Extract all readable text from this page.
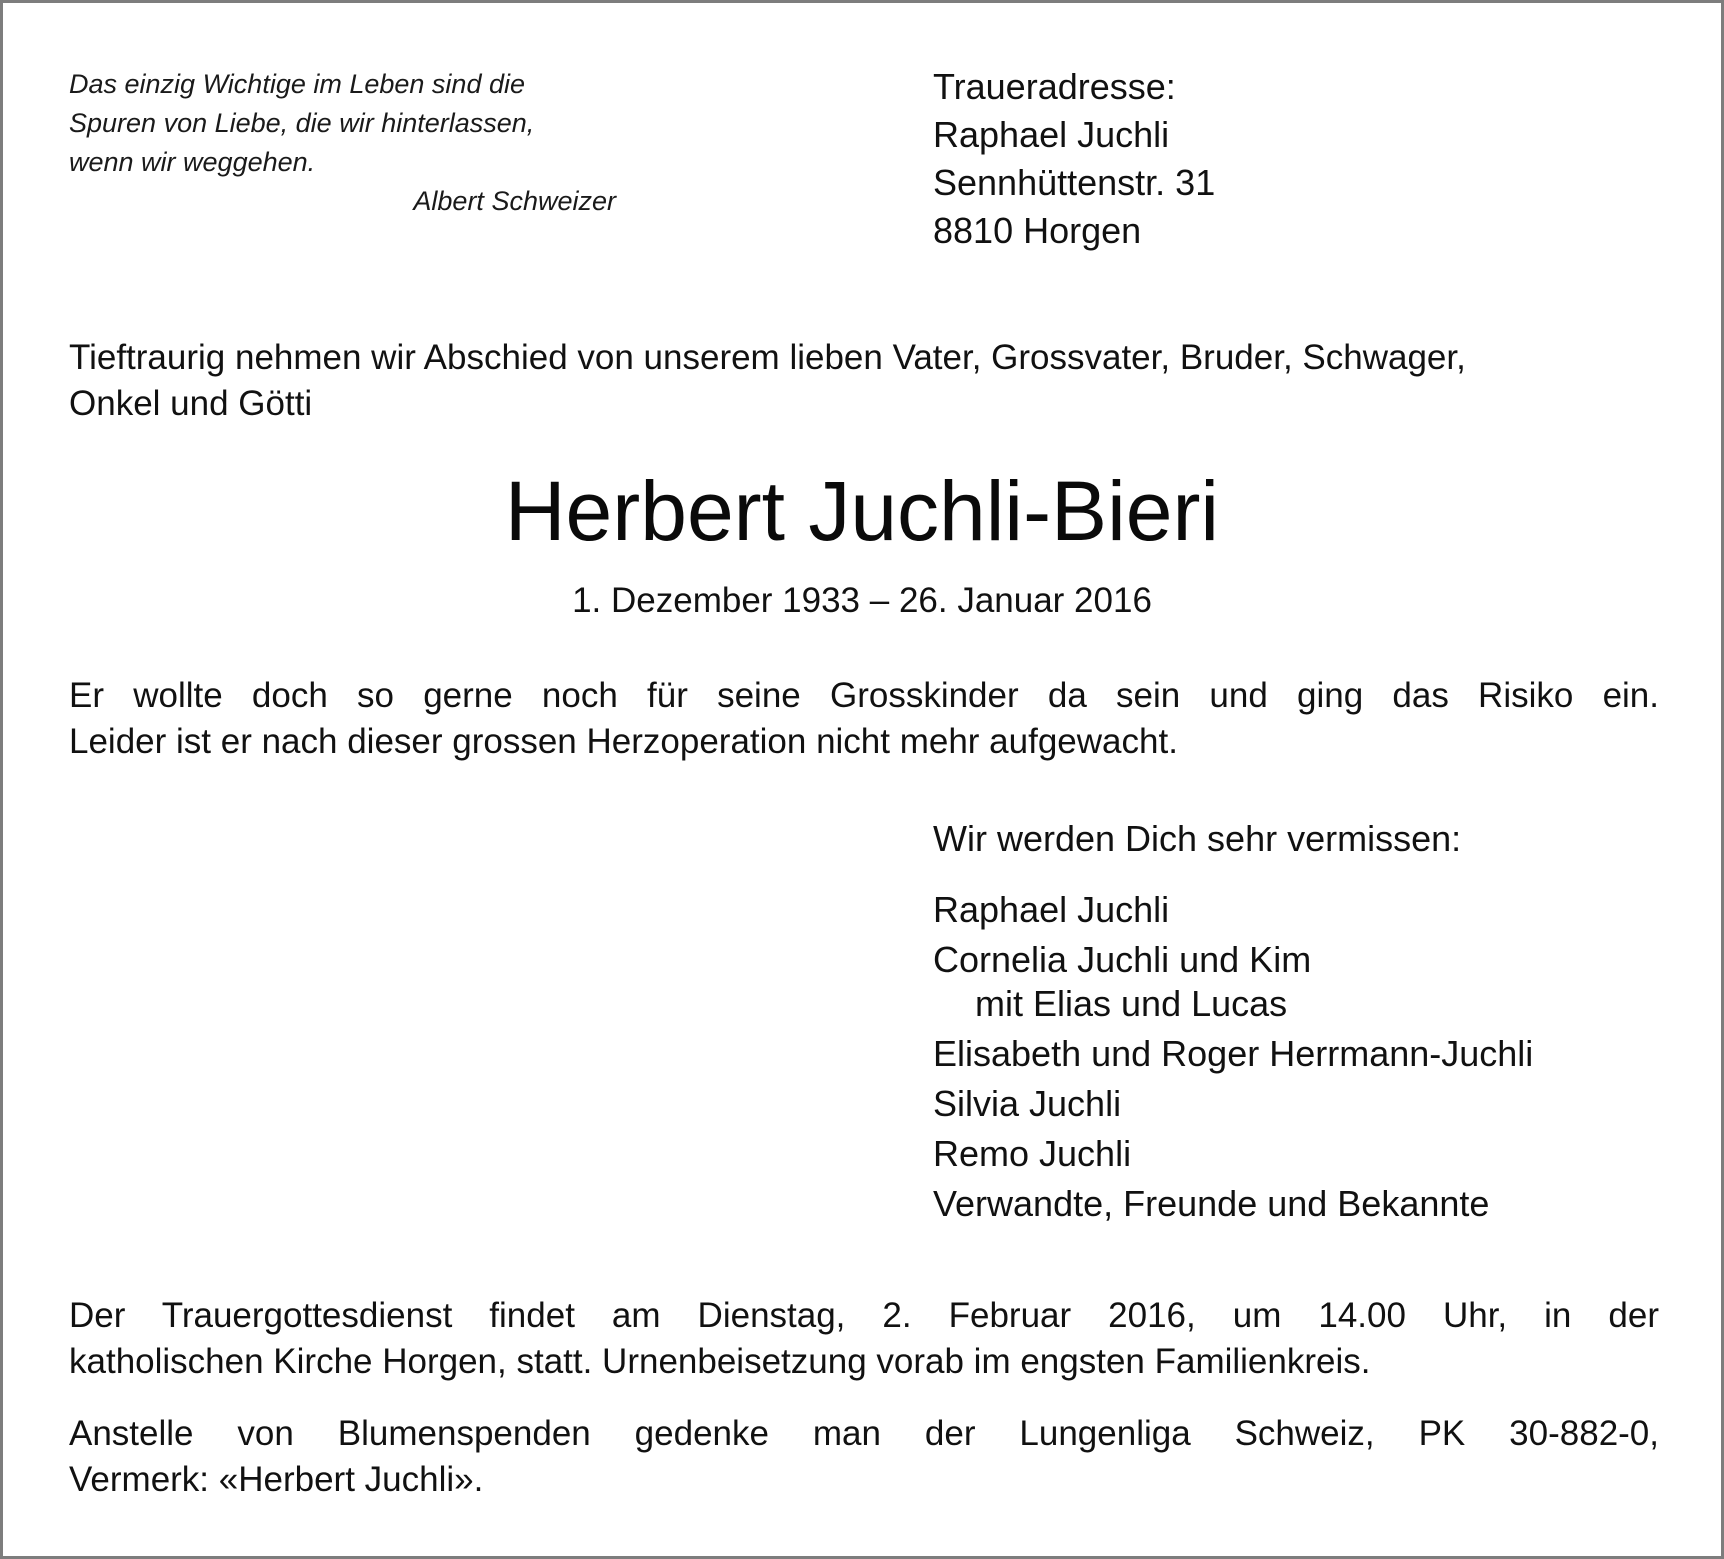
Das einzig Wichtige im Leben sind die
Spuren von Liebe, die wir hinterlassen,
wenn wir weggehen.
Albert Schweizer
Traueradresse:
Raphael Juchli
Sennhüttenstr. 31
8810 Horgen
Tieftraurig nehmen wir Abschied von unserem lieben Vater, Grossvater, Bruder, Schwager,
Onkel und Götti
Herbert Juchli-Bieri
1. Dezember 1933 – 26. Januar 2016
Er wollte doch so gerne noch für seine Grosskinder da sein und ging das Risiko ein.
Leider ist er nach dieser grossen Herzoperation nicht mehr aufgewacht.
Wir werden Dich sehr vermissen:
Raphael Juchli
Cornelia Juchli und Kim
mit Elias und Lucas
Elisabeth und Roger Herrmann-Juchli
Silvia Juchli
Remo Juchli
Verwandte, Freunde und Bekannte
Der Trauergottesdienst findet am Dienstag, 2. Februar 2016, um 14.00 Uhr, in der
katholischen Kirche Horgen, statt. Urnenbeisetzung vorab im engsten Familienkreis.
Anstelle von Blumenspenden gedenke man der Lungenliga Schweiz, PK 30-882-0,
Vermerk: «Herbert Juchli».
